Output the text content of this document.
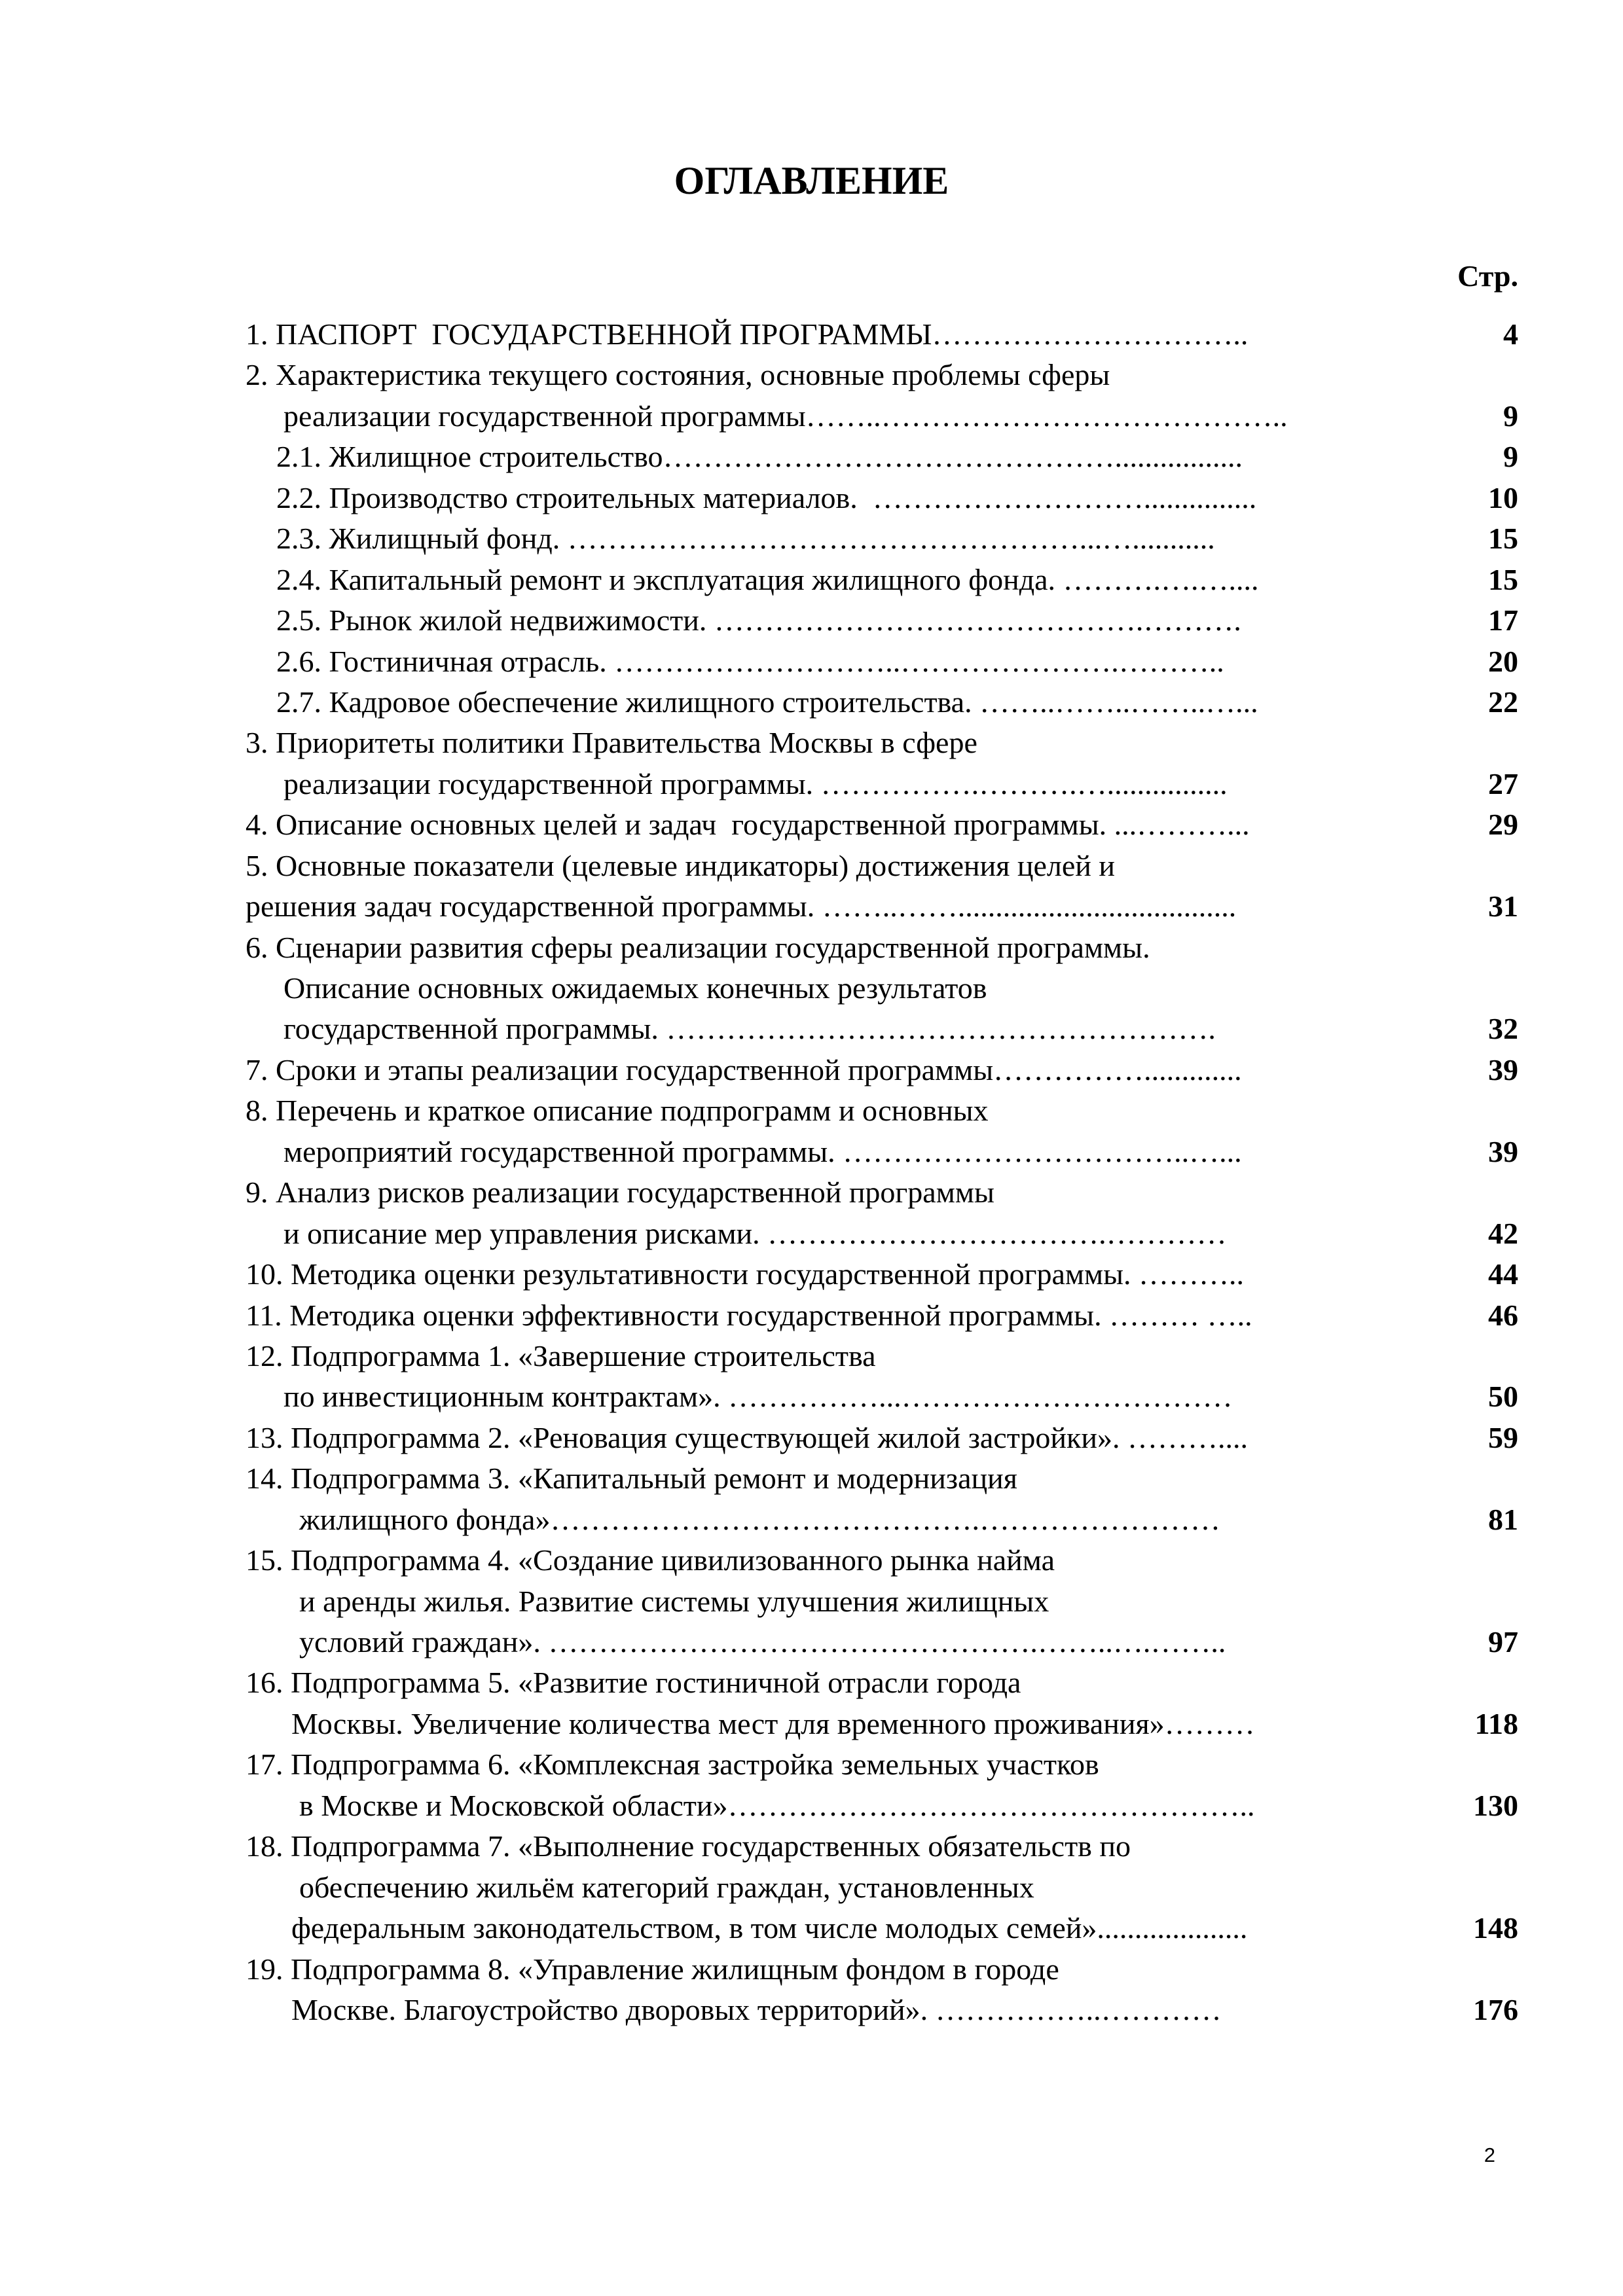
ОГЛАВЛЕНИЕ
Стр.
1. ПАСПОРТ  ГОСУДАРСТВЕННОЙ ПРОГРАММЫ…………………………..	4
2. Характеристика текущего состояния, основные проблемы сферы
реализации государственной программы……..…………………………………..	9
2.1. Жилищное строительство……………………………………….................	9
2.2. Производство строительных материалов.  ………………………...............	10
2.3. Жилищный фонд. ……………………………………………...…...........	15
2.4. Капитальный ремонт и эксплуатация жилищного фонда. ……….….…....	15
2.5. Рынок жилой недвижимости. …………………………………….……….	17
2.6. Гостиничная отрасль. ………………………..………………….………..	20
2.7. Кадровое обеспечение жилищного строительства. ……..……..……..…...	22
3. Приоритеты политики Правительства Москвы в сфере
реализации государственной программы. …………….……….…................	27
4. Описание основных целей и задач  государственной программы. ...………...	29
5. Основные показатели (целевые индикаторы) достижения целей и
решения задач государственной программы. ……..…….....................................	31
6. Сценарии развития сферы реализации государственной программы.
Описание основных ожидаемых конечных результатов
государственной программы. ……………………………………………….	32
7. Сроки и этапы реализации государственной программы…………….............	39
8. Перечень и краткое описание подпрограмм и основных
мероприятий государственной программы. ……………………………..…...	39
9. Анализ рисков реализации государственной программы
и описание мер управления рисками. …………………………….…………	42
10. Методика оценки результативности государственной программы. ………..	44
11. Методика оценки эффективности государственной программы. ……… …..	46
12. Подпрограмма 1. «Завершение строительства
по инвестиционным контрактам». ……………...……………………………	50
13. Подпрограмма 2. «Реновация существующей жилой застройки». ………....	59
14. Подпрограмма 3. «Капитальный ремонт и модернизация
жилищного фонда»…………………………………….……………………	81
15. Подпрограмма 4. «Создание цивилизованного рынка найма
и аренды жилья. Развитие системы улучшения жилищных
условий граждан». ………………………………………….……..….……..	97
16. Подпрограмма 5. «Развитие гостиничной отрасли города
Москвы. Увеличение количества мест для временного проживания»………	118
17. Подпрограмма 6. «Комплексная застройка земельных участков
в Москве и Московской области»……………………………………………..	130
18. Подпрограмма 7. «Выполнение государственных обязательств по
обеспечению жильём категорий граждан, установленных
федеральным законодательством, в том числе молодых семей»....................	148
19. Подпрограмма 8. «Управление жилищным фондом в городе
Москве. Благоустройство дворовых территорий». ……………..…………	176
2
